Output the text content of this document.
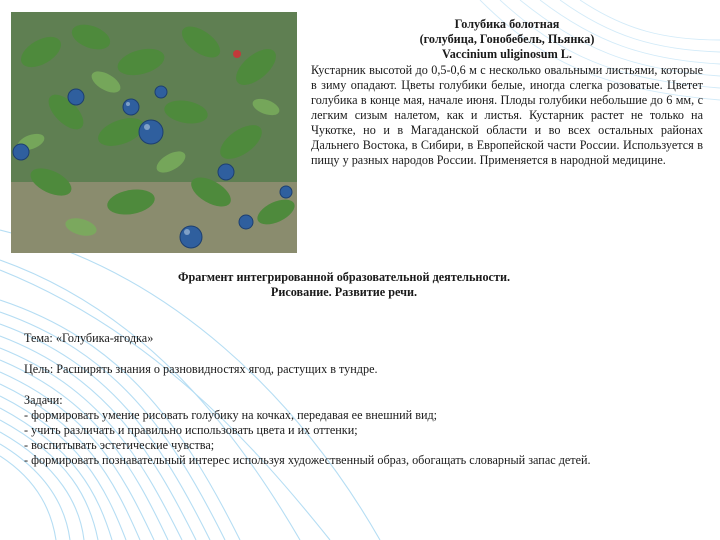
Голубика болотная
(голубица, Гонобебель, Пьянка)
Vaccinium uliginosum L.
Кустарник высотой до 0,5-0,6 м с несколько овальными листьями, которые в зиму опадают. Цветы голубики белые, иногда слегка розоватые. Цветет голубика в конце мая, начале июня. Плоды голубики небольшие до 6 мм, с легким сизым налетом, как и листья. Кустарник растет не только на Чукотке, но и в Магаданской области и во всех остальных районах Дальнего Востока, в Сибири, в Европейской части России. Используется в пищу у разных народов России. Применяется в народной медицине.
Фрагмент интегрированной образовательной деятельности.
Рисование. Развитие речи.
Тема: «Голубика-ягодка»
Цель: Расширять знания о разновидностях ягод, растущих в тундре.
Задачи:
- формировать умение рисовать голубику на кочках, передавая ее внешний вид;
- учить различать и правильно использовать цвета и их оттенки;
- воспитывать эстетические чувства;
- формировать познавательный интерес используя художественный образ, обогащать словарный запас детей.
